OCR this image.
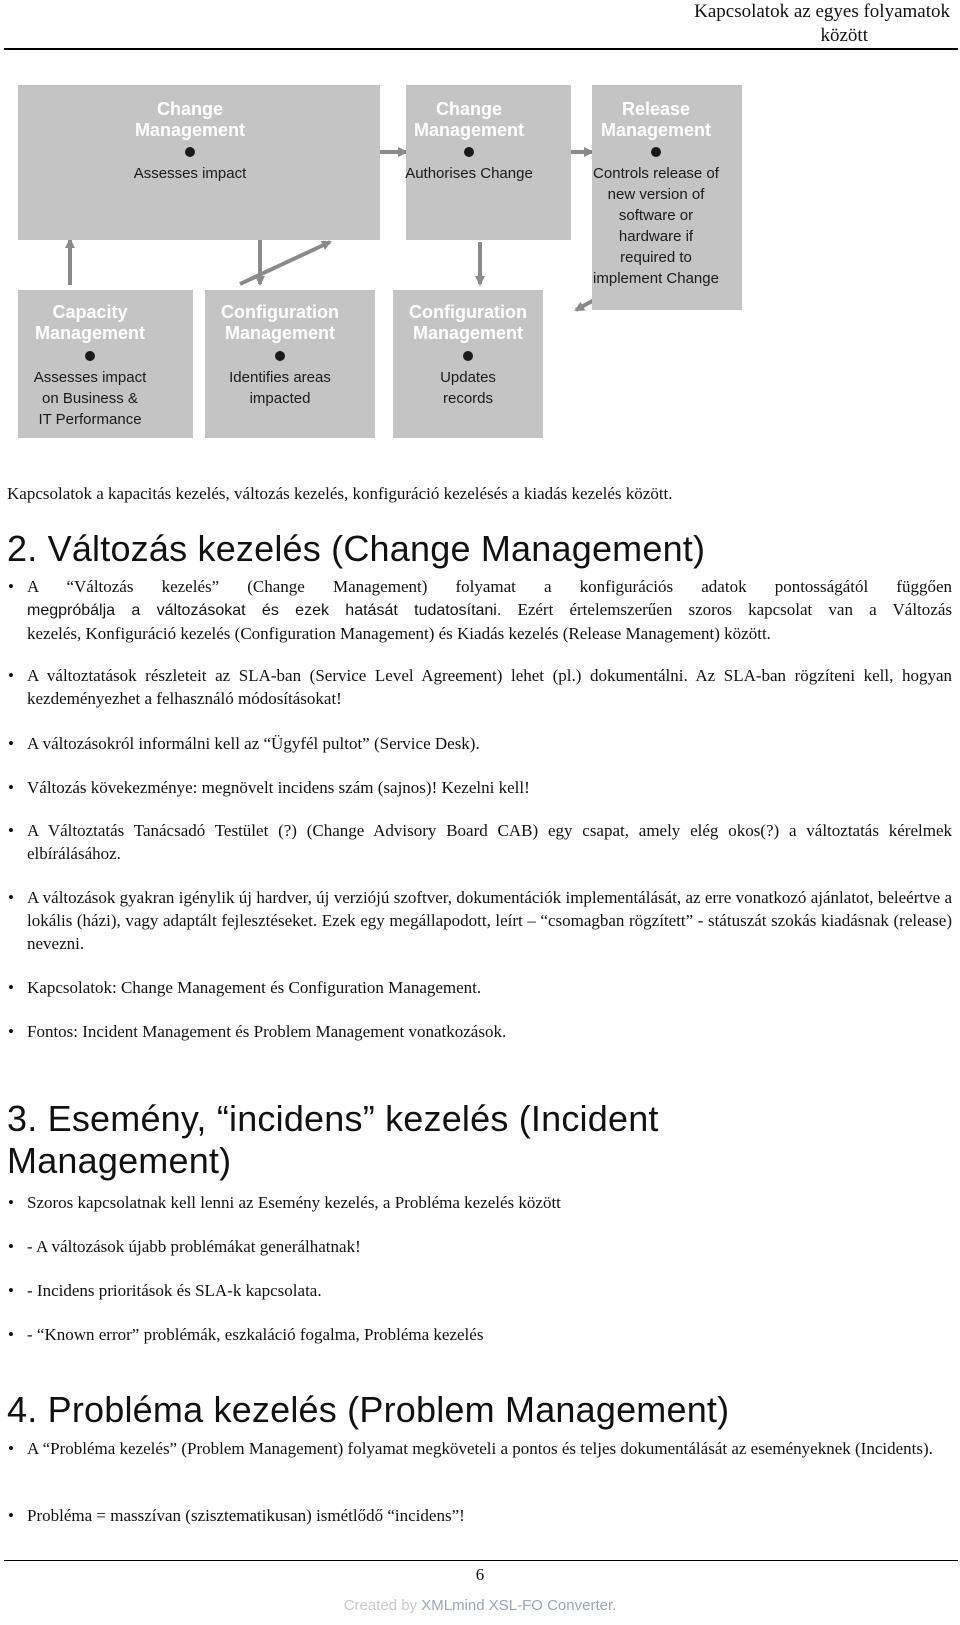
Kapcsolatok az egyes folyamatok
között
Change
Management
Assesses impact
Change
Management
Authorises Change
Release
Management
Controls release of
new version of
software or
hardware if
required to
implement Change
Capacity
Management
Assesses impact
on Business &
IT Performance
Configuration
Management
Identifies areas
impacted
Configuration
Management
Updates
records
Kapcsolatok a kapacitás kezelés, változás kezelés, konfiguráció kezelésés a kiadás kezelés között.
2. Változás kezelés (Change Management)
• A “Változás kezelés” (Change Management) folyamat a konfigurációs adatok pontosságától függően
megpróbálja a változásokat és ezek hatását tudatosítani. Ezért értelemszerűen szoros kapcsolat van a Változás
kezelés, Konfiguráció kezelés (Configuration Management) és Kiadás kezelés (Release Management) között.
• A változtatások részleteit az SLA-ban (Service Level Agreement) lehet (pl.) dokumentálni. Az SLA-ban rögzíteni kell, hogyan kezdeményezhet a felhasználó módosításokat!
• A változásokról informálni kell az “Ügyfél pultot” (Service Desk).
• Változás kövekezménye: megnövelt incidens szám (sajnos)! Kezelni kell!
• A Változtatás Tanácsadó Testület (?) (Change Advisory Board CAB) egy csapat, amely elég okos(?) a változtatás kérelmek elbírálásához.
• A változások gyakran igénylik új hardver, új verziójú szoftver, dokumentációk implementálását, az erre vonatkozó ajánlatot, beleértve a lokális (házi), vagy adaptált fejlesztéseket. Ezek egy megállapodott, leírt – “csomagban rögzített” - státuszát szokás kiadásnak (release) nevezni.
• Kapcsolatok: Change Management és Configuration Management.
• Fontos: Incident Management és Problem Management vonatkozások.
3. Esemény, “incidens” kezelés (Incident
Management)
• Szoros kapcsolatnak kell lenni az Esemény kezelés, a Probléma kezelés között
• - A változások újabb problémákat generálhatnak!
• - Incidens prioritások és SLA-k kapcsolata.
• - “Known error” problémák, eszkaláció fogalma, Probléma kezelés
4. Probléma kezelés (Problem Management)
• A “Probléma kezelés” (Problem Management) folyamat megköveteli a pontos és teljes dokumentálását az eseményeknek (Incidents).
• Probléma = masszívan (szisztematikusan) ismétlődő “incidens”!
6
Created by XMLmind XSL-FO Converter.
